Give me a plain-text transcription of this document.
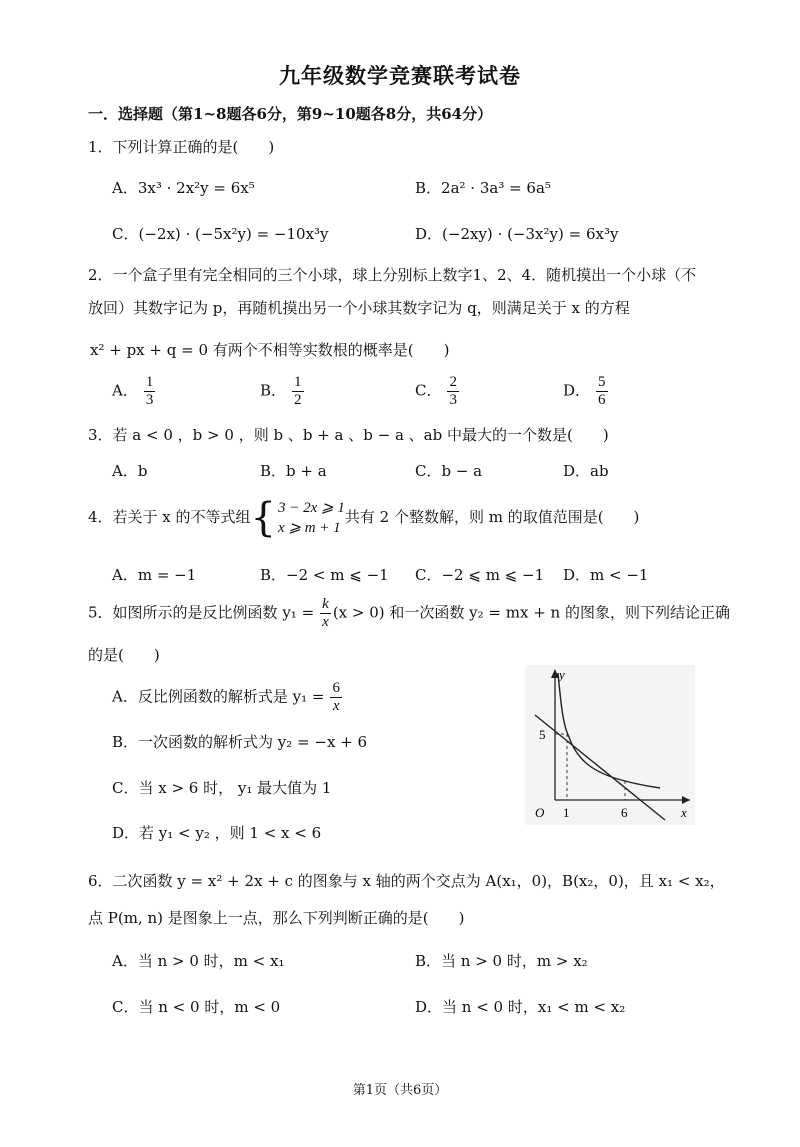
九年级数学竞赛联考试卷
一．选择题（第1~8题各6分，第9~10题各8分，共64分）
1．下列计算正确的是(　　)
A．3x³ · 2x²y = 6x⁵	B．2a² · 3a³ = 6a⁵
C．(−2x) · (−5x²y) = −10x³y	D．(−2xy) · (−3x²y) = 6x³y
2．一个盒子里有完全相同的三个小球，球上分别标上数字1、2、4．随机摸出一个小球（不
放回）其数字记为 p，再随机摸出另一个小球其数字记为 q，则满足关于 x 的方程
x² + px + q = 0 有两个不相等实数根的概率是(　　)
A． $\frac{1}{3}$	B． $\frac{1}{2}$	C． $\frac{2}{3}$	D． $\frac{5}{6}$
3．若 a < 0 ，b > 0 ，则 b 、b + a 、b − a 、ab 中最大的一个数是(　　)
A．b	B．b + a	C．b − a	D．ab
4．若关于 x 的不等式组 { 3 − 2x ⩾ 1
x ⩾ m + 1
共有 2 个整数解，则 m 的取值范围是(　　)
A．m = −1	B．−2 < m ⩽ −1 C．−2 ⩽ m ⩽ −1 D．m < −1
5．如图所示的是反比例函数 $y_1 = \frac{k}{x} (x > 0)$ 和一次函数 y₂ = mx + n 的图象，则下列结论正确
的是(　　)
A．反比例函数的解析式是 $y_1 = \frac{6}{x}$
B．一次函数的解析式为 y₂ = −x + 6
C．当 x > 6 时， y₁ 最大值为 1
D．若 y₁ < y₂ ，则 1 < x < 6
y
x
O
5
1	6
6．二次函数 y = x² + 2x + c 的图象与 x 轴的两个交点为 A(x₁，0)，B(x₂，0)，且 x₁ < x₂，
点 P(m, n) 是图象上一点，那么下列判断正确的是(　　)
A．当 n > 0 时，m < x₁	B．当 n > 0 时，m > x₂
C．当 n < 0 时，m < 0	D．当 n < 0 时，x₁ < m < x₂
第1页（共6页）
